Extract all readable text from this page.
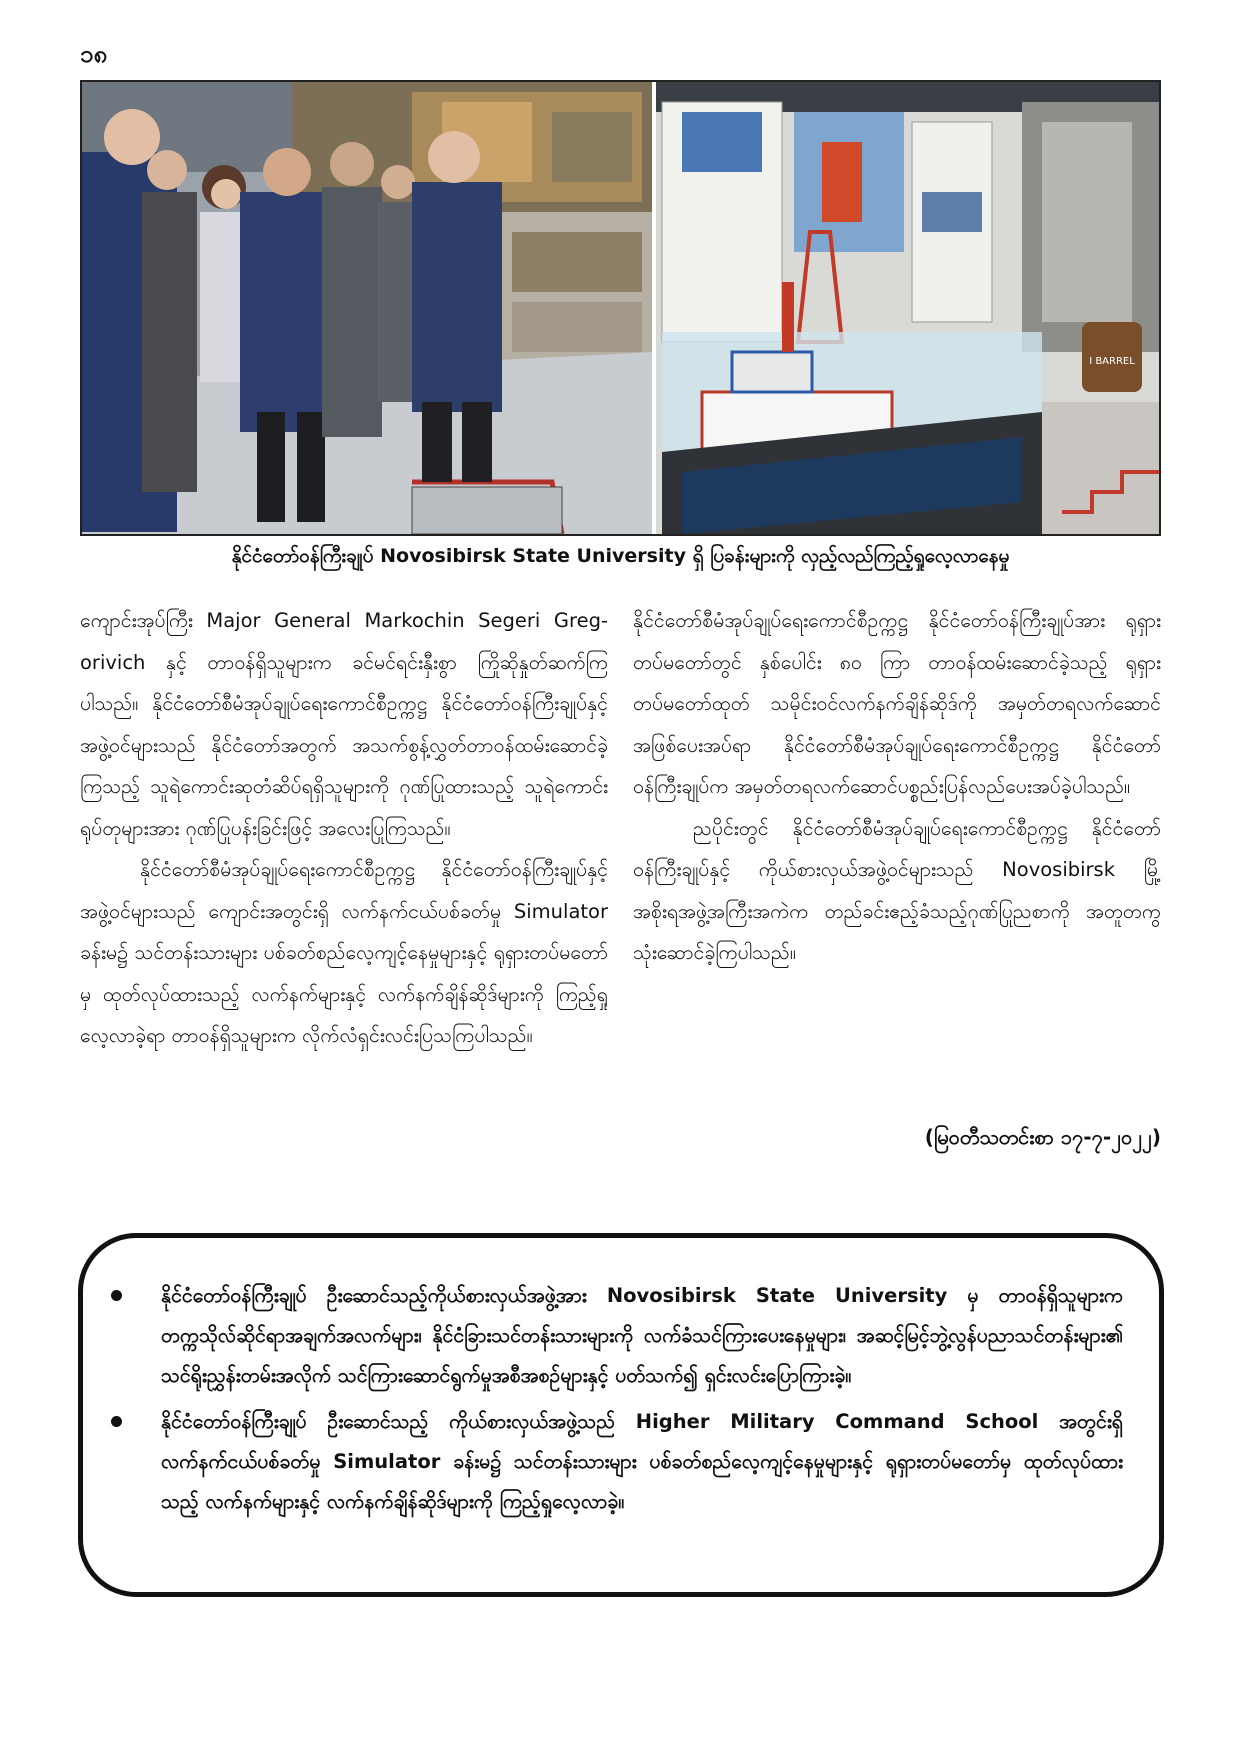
၁၈
I BARREL
နိုင်ငံတော်ဝန်ကြီးချုပ် Novosibirsk State University ရှိ ပြခန်းများကို လှည့်လည်ကြည့်ရှုလေ့လာနေမှု

ကျောင်းအုပ်ကြီး Major General Markochin Segeri Greg-orivich နှင့် တာဝန်ရှိသူများက ခင်မင်ရင်းနှီးစွာ ကြိုဆိုနှုတ်ဆက်ကြပါသည်။ နိုင်ငံတော်စီမံအုပ်ချုပ်ရေးကောင်စီဥက္ကဋ္ဌ နိုင်ငံတော်ဝန်ကြီးချုပ်နှင့်အဖွဲ့ဝင်များသည် နိုင်ငံတော်အတွက် အသက်စွန့်လွှတ်တာဝန်ထမ်းဆောင်ခဲ့ကြသည့် သူရဲကောင်းဆုတံဆိပ်ရရှိသူများကို ဂုဏ်ပြုထားသည့် သူရဲကောင်းရုပ်တုများအား ဂုဏ်ပြုပန်းခြင်းဖြင့် အလေးပြုကြသည်။

နိုင်ငံတော်စီမံအုပ်ချုပ်ရေးကောင်စီဥက္ကဋ္ဌ နိုင်ငံတော်ဝန်ကြီးချုပ်နှင့်အဖွဲ့ဝင်များသည် ကျောင်းအတွင်းရှိ လက်နက်ငယ်ပစ်ခတ်မှု Simulator ခန်းမ၌ သင်တန်းသားများ ပစ်ခတ်စည်လေ့ကျင့်နေမှုများနှင့် ရုရှားတပ်မတော်မှ ထုတ်လုပ်ထားသည့် လက်နက်များနှင့် လက်နက်ချိန်ဆိုဒ်များကို ကြည့်ရှုလေ့လာခဲ့ရာ တာဝန်ရှိသူများက လိုက်လံရှင်းလင်းပြသကြပါသည်။

နိုင်ငံတော်စီမံအုပ်ချုပ်ရေးကောင်စီဥက္ကဋ္ဌ နိုင်ငံတော်ဝန်ကြီးချုပ်အား ရုရှားတပ်မတော်တွင် နှစ်ပေါင်း ၈၀ ကြာ တာဝန်ထမ်းဆောင်ခဲ့သည့် ရုရှားတပ်မတော်ထုတ် သမိုင်းဝင်လက်နက်ချိန်ဆိုဒ်ကို အမှတ်တရလက်ဆောင်အဖြစ်ပေးအပ်ရာ နိုင်ငံတော်စီမံအုပ်ချုပ်ရေးကောင်စီဥက္ကဋ္ဌ နိုင်ငံတော်ဝန်ကြီးချုပ်က အမှတ်တရလက်ဆောင်ပစ္စည်းပြန်လည်ပေးအပ်ခဲ့ပါသည်။

ညပိုင်းတွင် နိုင်ငံတော်စီမံအုပ်ချုပ်ရေးကောင်စီဥက္ကဋ္ဌ နိုင်ငံတော်ဝန်ကြီးချုပ်နှင့် ကိုယ်စားလှယ်အဖွဲ့ဝင်များသည် Novosibirsk မြို့ အစိုးရအဖွဲ့အကြီးအကဲက တည်ခင်းဧည့်ခံသည့်ဂုဏ်ပြုညစာကို အတူတကွသုံးဆောင်ခဲ့ကြပါသည်။

(မြဝတီသတင်းစာ ၁၇-၇-၂၀၂၂)
နိုင်ငံတော်ဝန်ကြီးချုပ် ဦးဆောင်သည့်ကိုယ်စားလှယ်အဖွဲ့အား Novosibirsk State University မှ တာဝန်ရှိသူများက တက္ကသိုလ်ဆိုင်ရာအချက်အလက်များ၊ နိုင်ငံခြားသင်တန်းသားများကို လက်ခံသင်ကြားပေးနေမှုများ၊ အဆင့်မြင့်ဘွဲ့လွန်ပညာသင်တန်းများ၏ သင်ရိုးညွှန်းတမ်းအလိုက် သင်ကြားဆောင်ရွက်မှုအစီအစဉ်များနှင့် ပတ်သက်၍ ရှင်းလင်းပြောကြားခဲ့။
နိုင်ငံတော်ဝန်ကြီးချုပ် ဦးဆောင်သည့် ကိုယ်စားလှယ်အဖွဲ့သည် Higher Military Command School အတွင်းရှိ လက်နက်ငယ်ပစ်ခတ်မှု Simulator ခန်းမ၌ သင်တန်းသားများ ပစ်ခတ်စည်လေ့ကျင့်နေမှုများနှင့် ရုရှားတပ်မတော်မှ ထုတ်လုပ်ထားသည့် လက်နက်များနှင့် လက်နက်ချိန်ဆိုဒ်များကို ကြည့်ရှုလေ့လာခဲ့။
